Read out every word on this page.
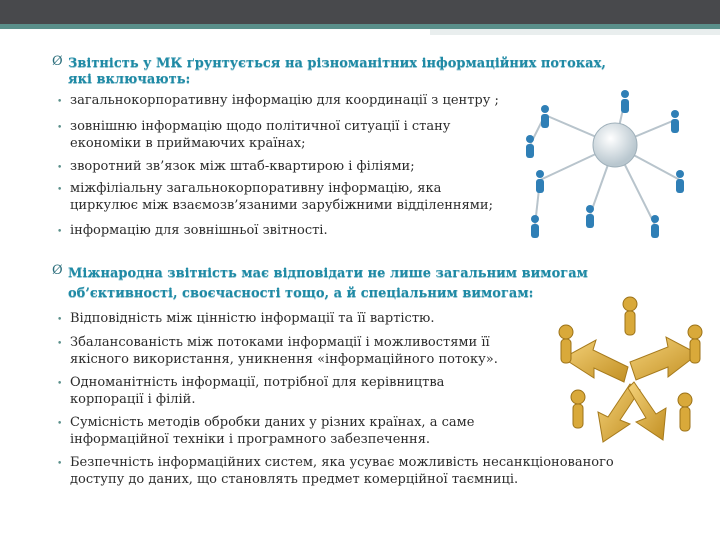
Ø Звітність у МК ґрунтується на різноманітних інформаційних потоках,
які включають:
• загальнокорпоративну інформацію для координації з центру ;
• зовнішню інформацію щодо політичної ситуації і стану
економіки в приймаючих країнах;
• зворотний зв’язок між штаб-квартирою і філіями;
• міжфіліальну загальнокорпоративну інформацію, яка
циркулює між взаємозв’язаними зарубіжними відділеннями;
• інформацію для зовнішньої звітності.
Ø Міжнародна звітність має відповідати не лише загальним вимогам
об’єктивності, своєчасності тощо, а й спеціальним вимогам:
• Відповідність між цінністю інформації та її вартістю.
• Збалансованість між потоками інформації і можливостями її
якісного використання, уникнення «інформаційного потоку».
• Одноманітність інформації, потрібної для керівництва
корпорації і філій.
• Сумісність методів обробки даних у різних країнах, а саме
інформаційної техніки і програмного забезпечення.
• Безпечність інформаційних систем, яка усуває можливість несанкціонованого
доступу до даних, що становлять предмет комерційної таємниці.
